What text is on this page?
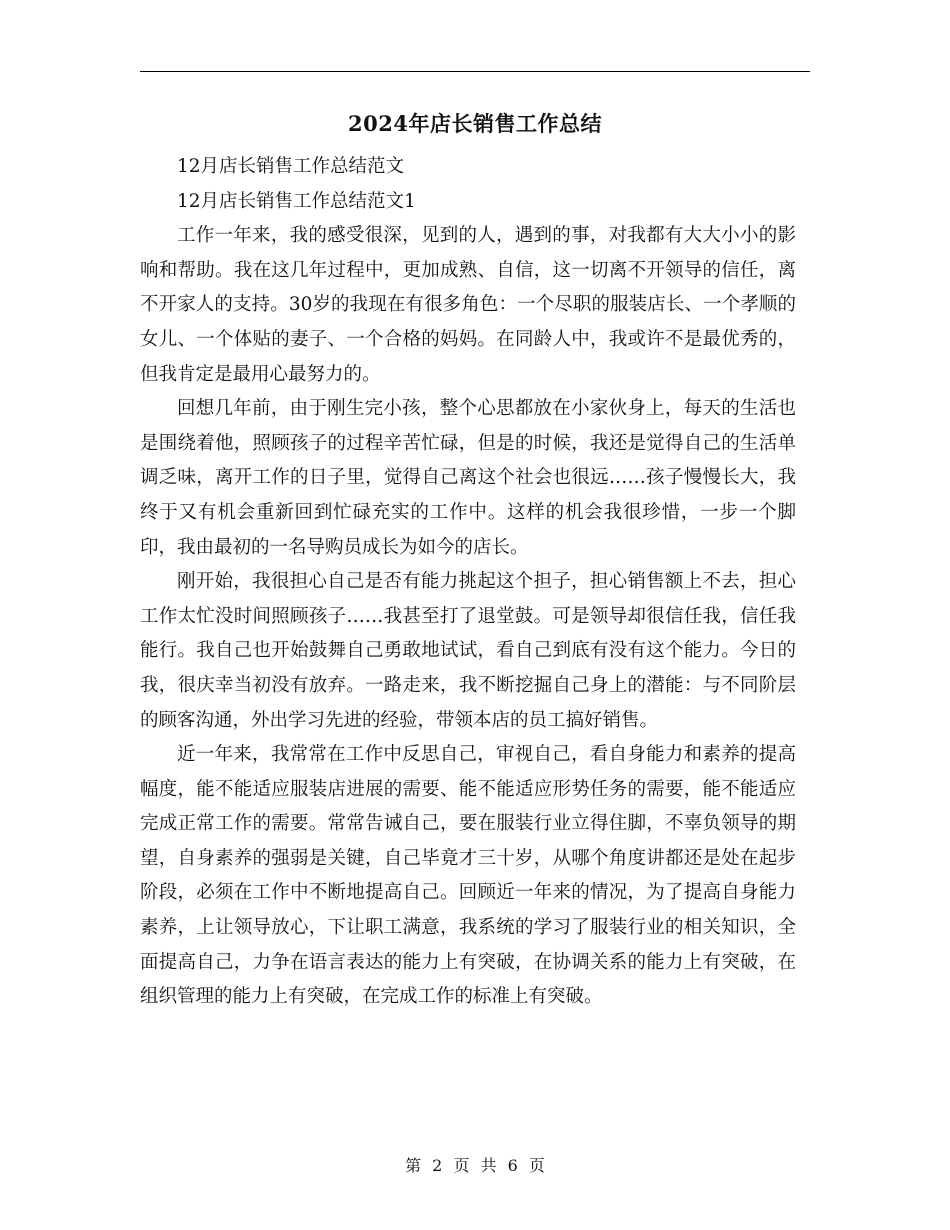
2024年店长销售工作总结

12月店长销售工作总结范文

12月店长销售工作总结范文1

工作一年来，我的感受很深，见到的人，遇到的事，对我都有大大小小的影响和帮助。我在这几年过程中，更加成熟、自信，这一切离不开领导的信任，离不开家人的支持。30岁的我现在有很多角色：一个尽职的服装店长、一个孝顺的女儿、一个体贴的妻子、一个合格的妈妈。在同龄人中，我或许不是最优秀的，但我肯定是最用心最努力的。

回想几年前，由于刚生完小孩，整个心思都放在小家伙身上，每天的生活也是围绕着他，照顾孩子的过程辛苦忙碌，但是的时候，我还是觉得自己的生活单调乏味，离开工作的日子里，觉得自己离这个社会也很远……孩子慢慢长大，我终于又有机会重新回到忙碌充实的工作中。这样的机会我很珍惜，一步一个脚印，我由最初的一名导购员成长为如今的店长。

刚开始，我很担心自己是否有能力挑起这个担子，担心销售额上不去，担心工作太忙没时间照顾孩子……我甚至打了退堂鼓。可是领导却很信任我，信任我能行。我自己也开始鼓舞自己勇敢地试试，看自己到底有没有这个能力。今日的我，很庆幸当初没有放弃。一路走来，我不断挖掘自己身上的潜能：与不同阶层的顾客沟通，外出学习先进的经验，带领本店的员工搞好销售。

近一年来，我常常在工作中反思自己，审视自己，看自身能力和素养的提高幅度，能不能适应服装店进展的需要、能不能适应形势任务的需要，能不能适应完成正常工作的需要。常常告诫自己，要在服装行业立得住脚，不辜负领导的期望，自身素养的强弱是关键，自己毕竟才三十岁，从哪个角度讲都还是处在起步阶段，必须在工作中不断地提高自己。回顾近一年来的情况，为了提高自身能力素养，上让领导放心，下让职工满意，我系统的学习了服装行业的相关知识，全面提高自己，力争在语言表达的能力上有突破，在协调关系的能力上有突破，在组织管理的能力上有突破，在完成工作的标准上有突破。

第 2 页 共 6 页
